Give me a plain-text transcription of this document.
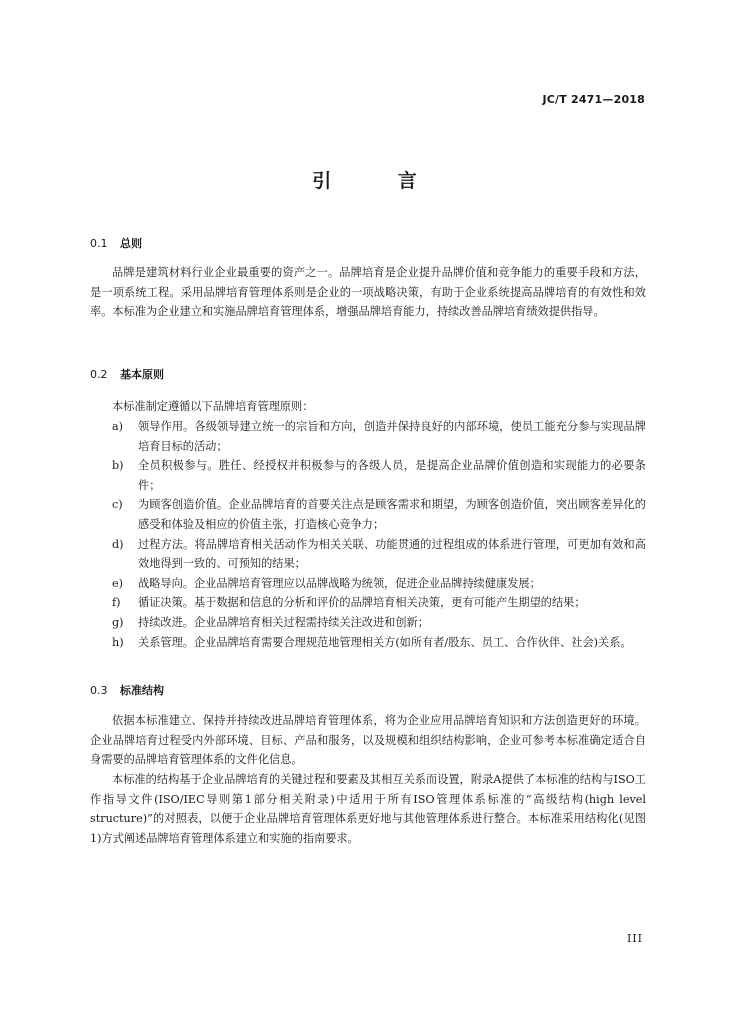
JC/T 2471—2018
引 言
0.1 总则
品牌是建筑材料行业企业最重要的资产之一。品牌培育是企业提升品牌价值和竞争能力的重要手段和方法，是一项系统工程。采用品牌培育管理体系则是企业的一项战略决策，有助于企业系统提高品牌培育的有效性和效率。本标准为企业建立和实施品牌培育管理体系，增强品牌培育能力，持续改善品牌培育绩效提供指导。
0.2 基本原则
本标准制定遵循以下品牌培育管理原则：
a) 领导作用。各级领导建立统一的宗旨和方向，创造并保持良好的内部环境，使员工能充分参与实现品牌培育目标的活动；
b) 全员积极参与。胜任、经授权并积极参与的各级人员，是提高企业品牌价值创造和实现能力的必要条件；
c) 为顾客创造价值。企业品牌培育的首要关注点是顾客需求和期望，为顾客创造价值，突出顾客差异化的感受和体验及相应的价值主张，打造核心竞争力；
d) 过程方法。将品牌培育相关活动作为相关关联、功能贯通的过程组成的体系进行管理，可更加有效和高效地得到一致的、可预知的结果；
e) 战略导向。企业品牌培育管理应以品牌战略为统领，促进企业品牌持续健康发展；
f) 循证决策。基于数据和信息的分析和评价的品牌培育相关决策，更有可能产生期望的结果；
g) 持续改进。企业品牌培育相关过程需持续关注改进和创新；
h) 关系管理。企业品牌培育需要合理规范地管理相关方(如所有者/股东、员工、合作伙伴、社会)关系。
0.3 标准结构
依据本标准建立、保持并持续改进品牌培育管理体系，将为企业应用品牌培育知识和方法创造更好的环境。企业品牌培育过程受内外部环境、目标、产品和服务，以及规模和组织结构影响，企业可参考本标准确定适合自身需要的品牌培育管理体系的文件化信息。
本标准的结构基于企业品牌培育的关键过程和要素及其相互关系而设置，附录A提供了本标准的结构与ISO工作指导文件(ISO/IEC导则第1部分相关附录)中适用于所有ISO管理体系标准的“高级结构(high level structure)”的对照表，以便于企业品牌培育管理体系更好地与其他管理体系进行整合。本标准采用结构化(见图1)方式阐述品牌培育管理体系建立和实施的指南要求。
III
